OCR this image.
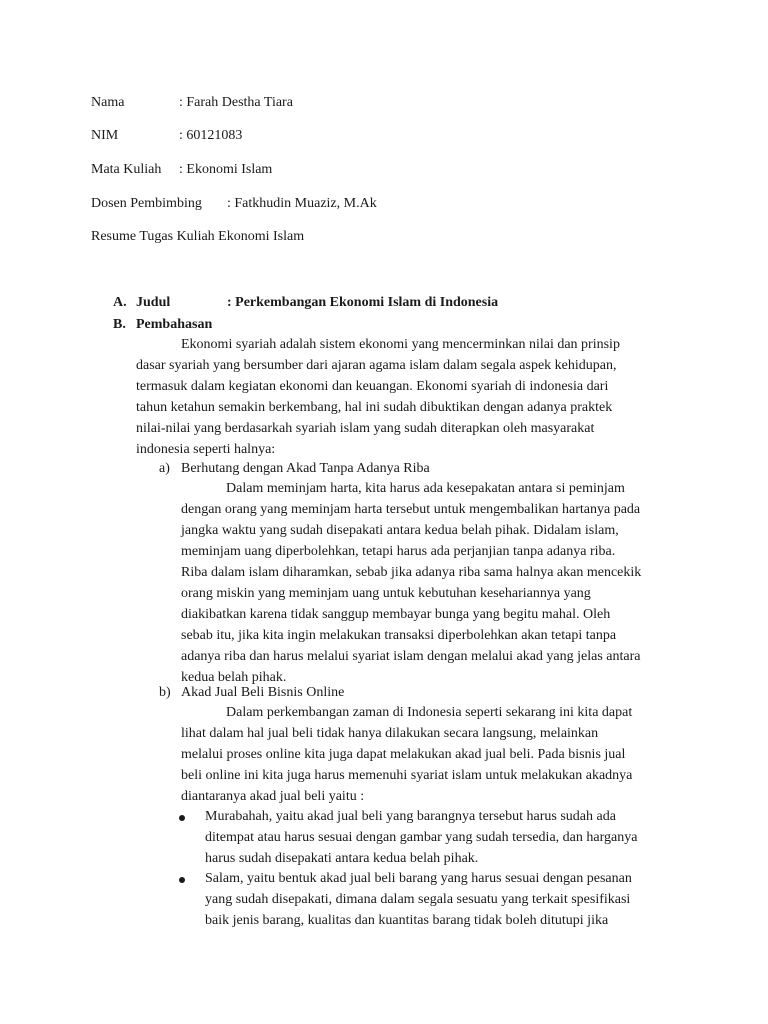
Nama	: Farah Destha Tiara
NIM	: 60121083
Mata Kuliah : Ekonomi Islam
Dosen Pembimbing : Fatkhudin Muaziz, M.Ak
Resume Tugas Kuliah Ekonomi Islam
A. Judul	: Perkembangan Ekonomi Islam di Indonesia
B. Pembahasan
Ekonomi syariah adalah sistem ekonomi yang mencerminkan nilai dan prinsip
dasar syariah yang bersumber dari ajaran agama islam dalam segala aspek kehidupan,
termasuk dalam kegiatan ekonomi dan keuangan. Ekonomi syariah di indonesia dari
tahun ketahun semakin berkembang, hal ini sudah dibuktikan dengan adanya praktek
nilai-nilai yang berdasarkah syariah islam yang sudah diterapkan oleh masyarakat
indonesia seperti halnya:
a) Berhutang dengan Akad Tanpa Adanya Riba
Dalam meminjam harta, kita harus ada kesepakatan antara si peminjam
dengan orang yang meminjam harta tersebut untuk mengembalikan hartanya pada
jangka waktu yang sudah disepakati antara kedua belah pihak. Didalam islam,
meminjam uang diperbolehkan, tetapi harus ada perjanjian tanpa adanya riba.
Riba dalam islam diharamkan, sebab jika adanya riba sama halnya akan mencekik
orang miskin yang meminjam uang untuk kebutuhan kesehariannya yang
diakibatkan karena tidak sanggup membayar bunga yang begitu mahal. Oleh
sebab itu, jika kita ingin melakukan transaksi diperbolehkan akan tetapi tanpa
adanya riba dan harus melalui syariat islam dengan melalui akad yang jelas antara
kedua belah pihak.
b) Akad Jual Beli Bisnis Online
Dalam perkembangan zaman di Indonesia seperti sekarang ini kita dapat
lihat dalam hal jual beli tidak hanya dilakukan secara langsung, melainkan
melalui proses online kita juga dapat melakukan akad jual beli. Pada bisnis jual
beli online ini kita juga harus memenuhi syariat islam untuk melakukan akadnya
diantaranya akad jual beli yaitu :
Murabahah, yaitu akad jual beli yang barangnya tersebut harus sudah ada
ditempat atau harus sesuai dengan gambar yang sudah tersedia, dan harganya
harus sudah disepakati antara kedua belah pihak.
Salam, yaitu bentuk akad jual beli barang yang harus sesuai dengan pesanan
yang sudah disepakati, dimana dalam segala sesuatu yang terkait spesifikasi
baik jenis barang, kualitas dan kuantitas barang tidak boleh ditutupi jika
